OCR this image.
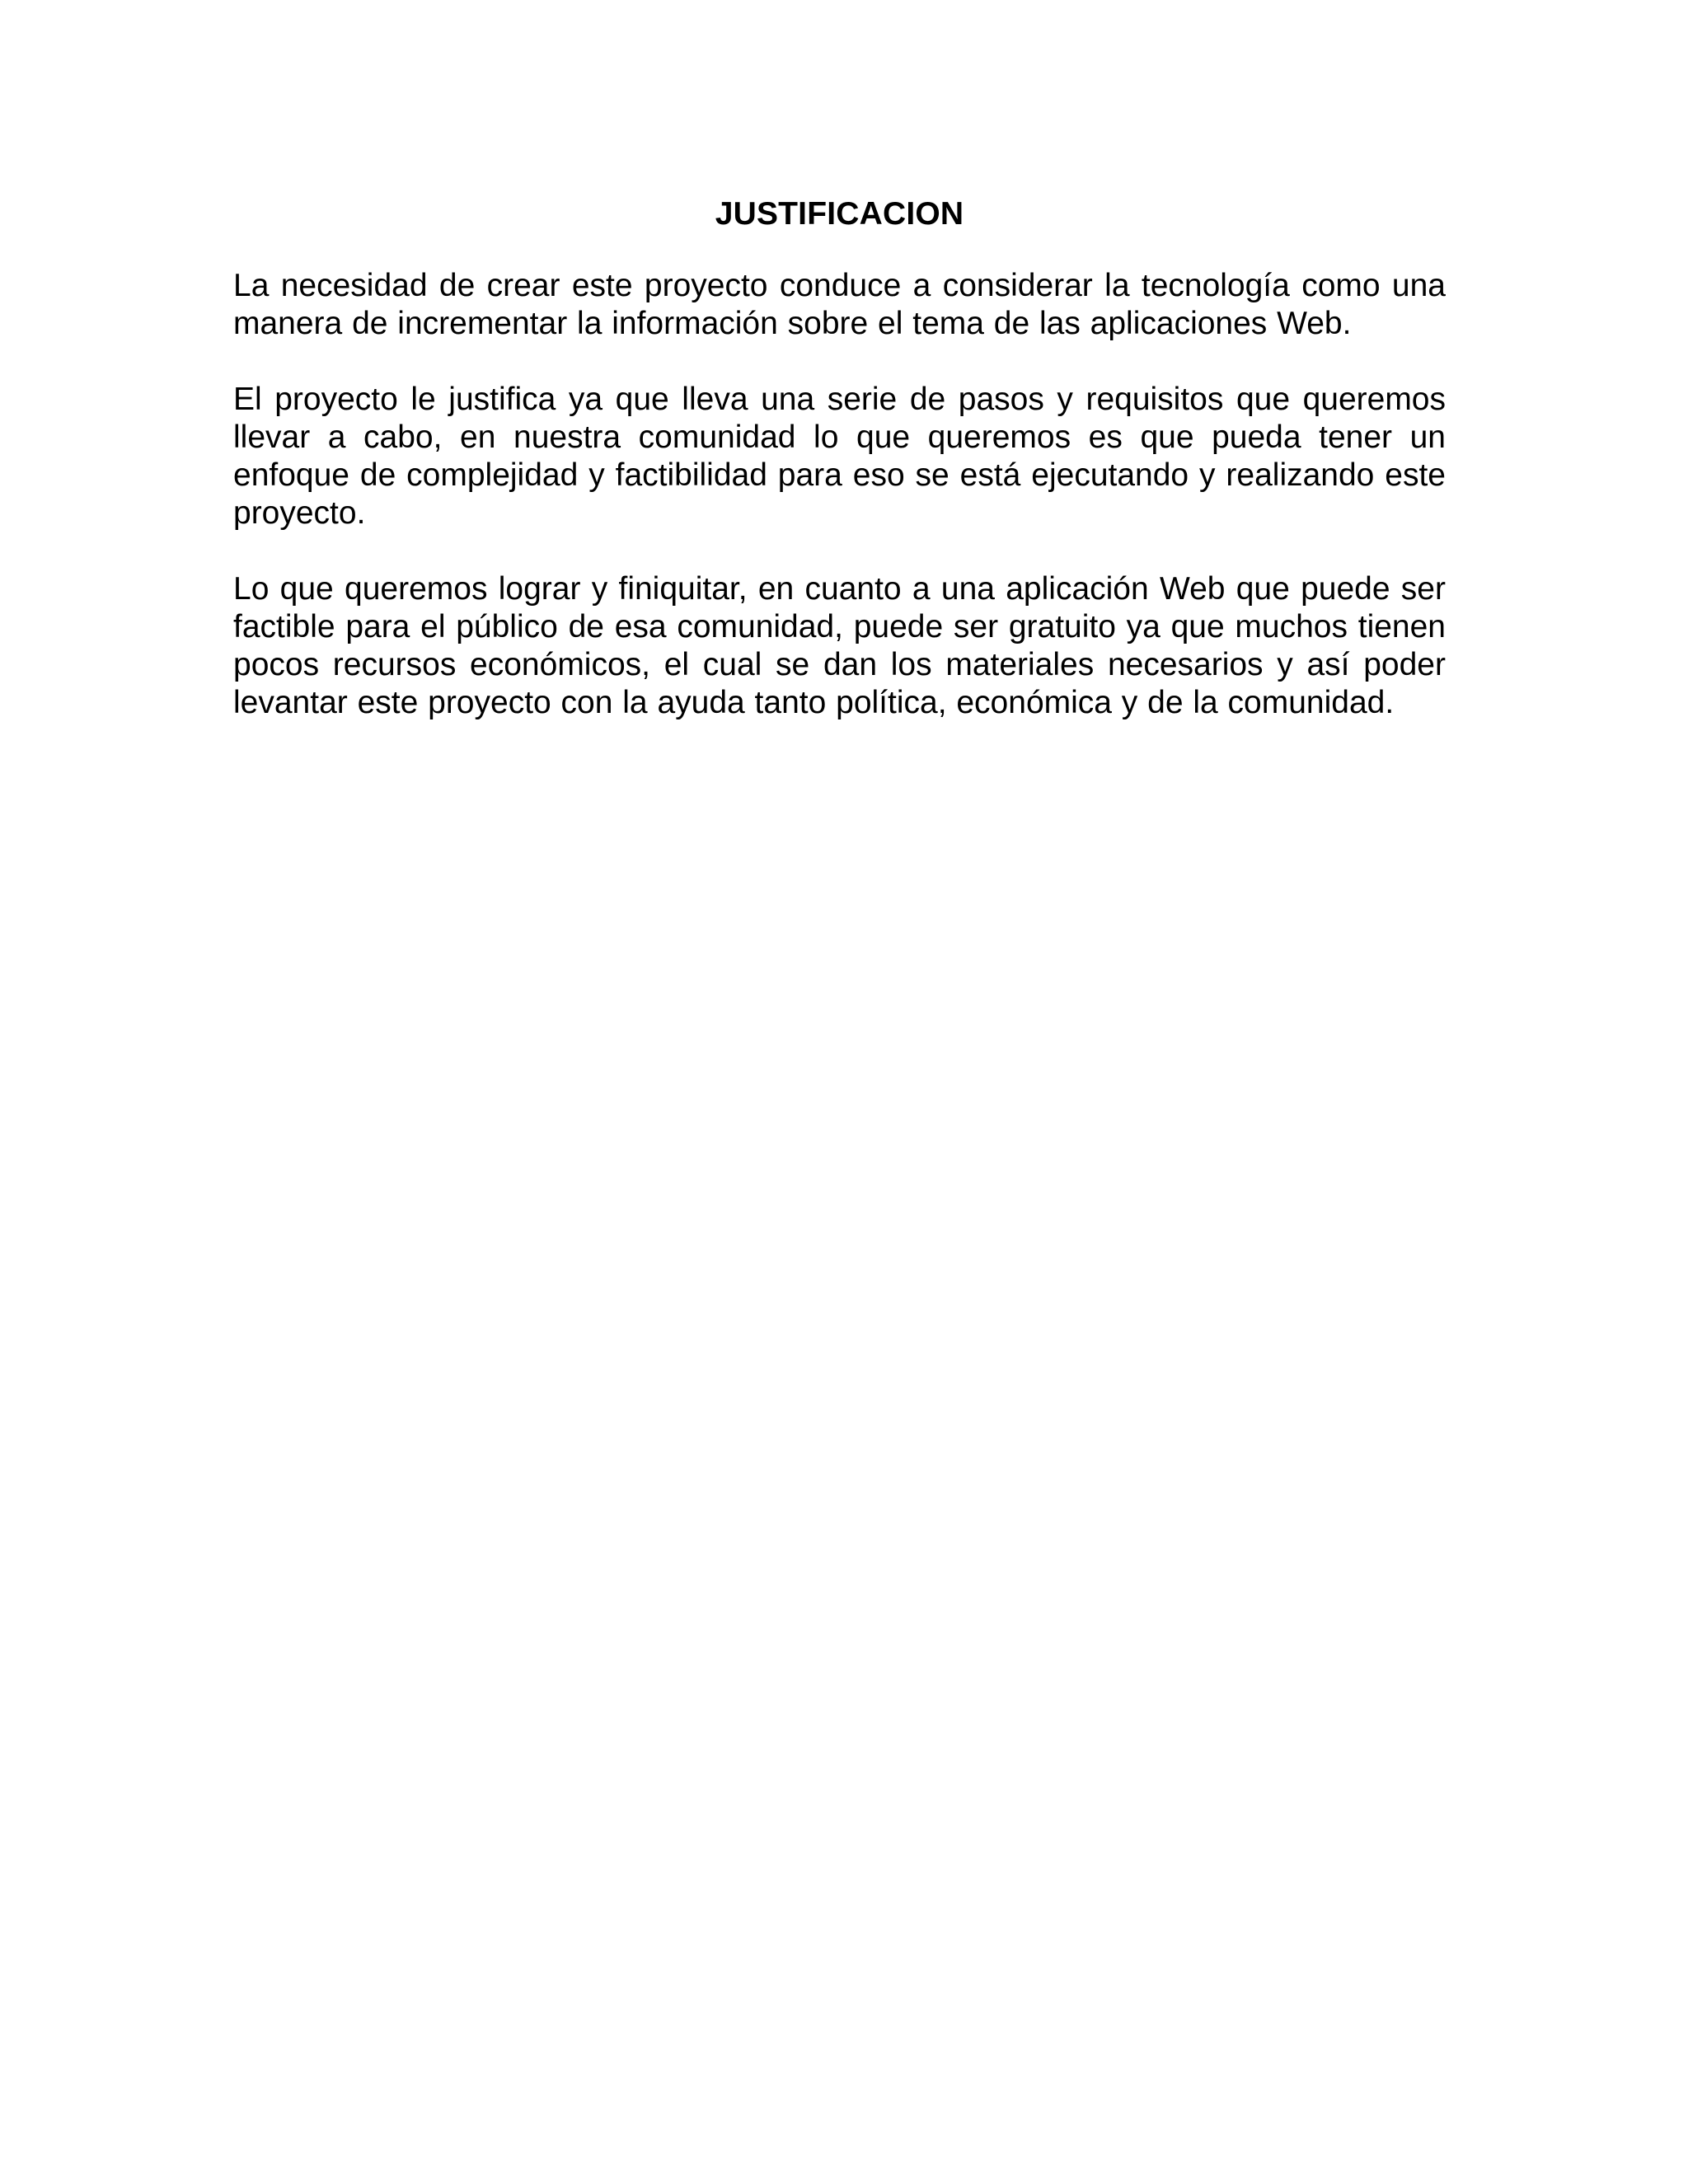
JUSTIFICACION

La necesidad de crear este proyecto conduce a considerar la tecnología como una manera de incrementar la información sobre el tema de las aplicaciones Web.

El proyecto le justifica ya que lleva una serie de pasos y requisitos que queremos llevar a cabo, en nuestra comunidad lo que queremos es que pueda tener un enfoque de complejidad y factibilidad para eso se está ejecutando y realizando este proyecto.

Lo que queremos lograr y finiquitar, en cuanto a una aplicación Web que puede ser factible para el público de esa comunidad, puede ser gratuito ya que muchos tienen pocos recursos económicos, el cual se dan los materiales necesarios y así poder levantar este proyecto con la ayuda tanto política, económica y de la comunidad.
